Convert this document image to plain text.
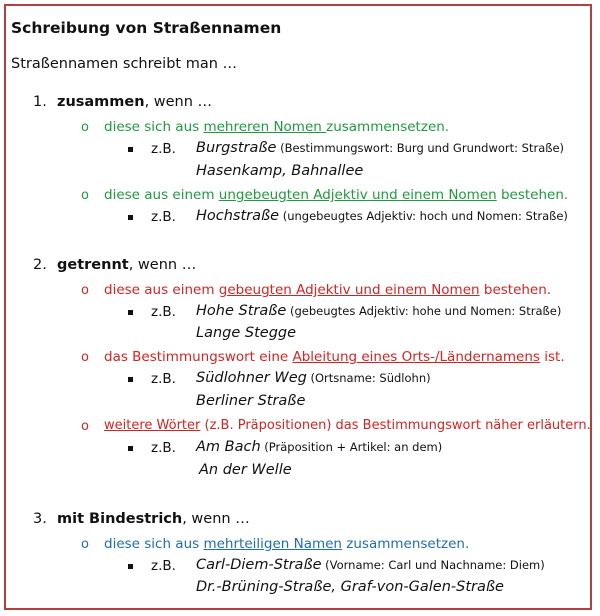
Schreibung von Straßennamen
Straßennamen schreibt man …
1. zusammen, wenn …
o diese sich aus mehreren Nomen zusammensetzen.
z.B. Burgstraße (Bestimmungswort: Burg und Grundwort: Straße)
Hasenkamp, Bahnallee
o diese aus einem ungebeugten Adjektiv und einem Nomen bestehen.
z.B. Hochstraße (ungebeugtes Adjektiv: hoch und Nomen: Straße)
2. getrennt, wenn …
o diese aus einem gebeugten Adjektiv und einem Nomen bestehen.
z.B. Hohe Straße (gebeugtes Adjektiv: hohe und Nomen: Straße)
Lange Stegge
o das Bestimmungswort eine Ableitung eines Orts-/Ländernamens ist.
z.B. Südlohner Weg (Ortsname: Südlohn)
Berliner Straße
o weitere Wörter (z.B. Präpositionen) das Bestimmungswort näher erläutern.
z.B. Am Bach (Präposition + Artikel: an dem)
An der Welle
3. mit Bindestrich, wenn …
o diese sich aus mehrteiligen Namen zusammensetzen.
z.B. Carl-Diem-Straße (Vorname: Carl und Nachname: Diem)
Dr.-Brüning-Straße, Graf-von-Galen-Straße
